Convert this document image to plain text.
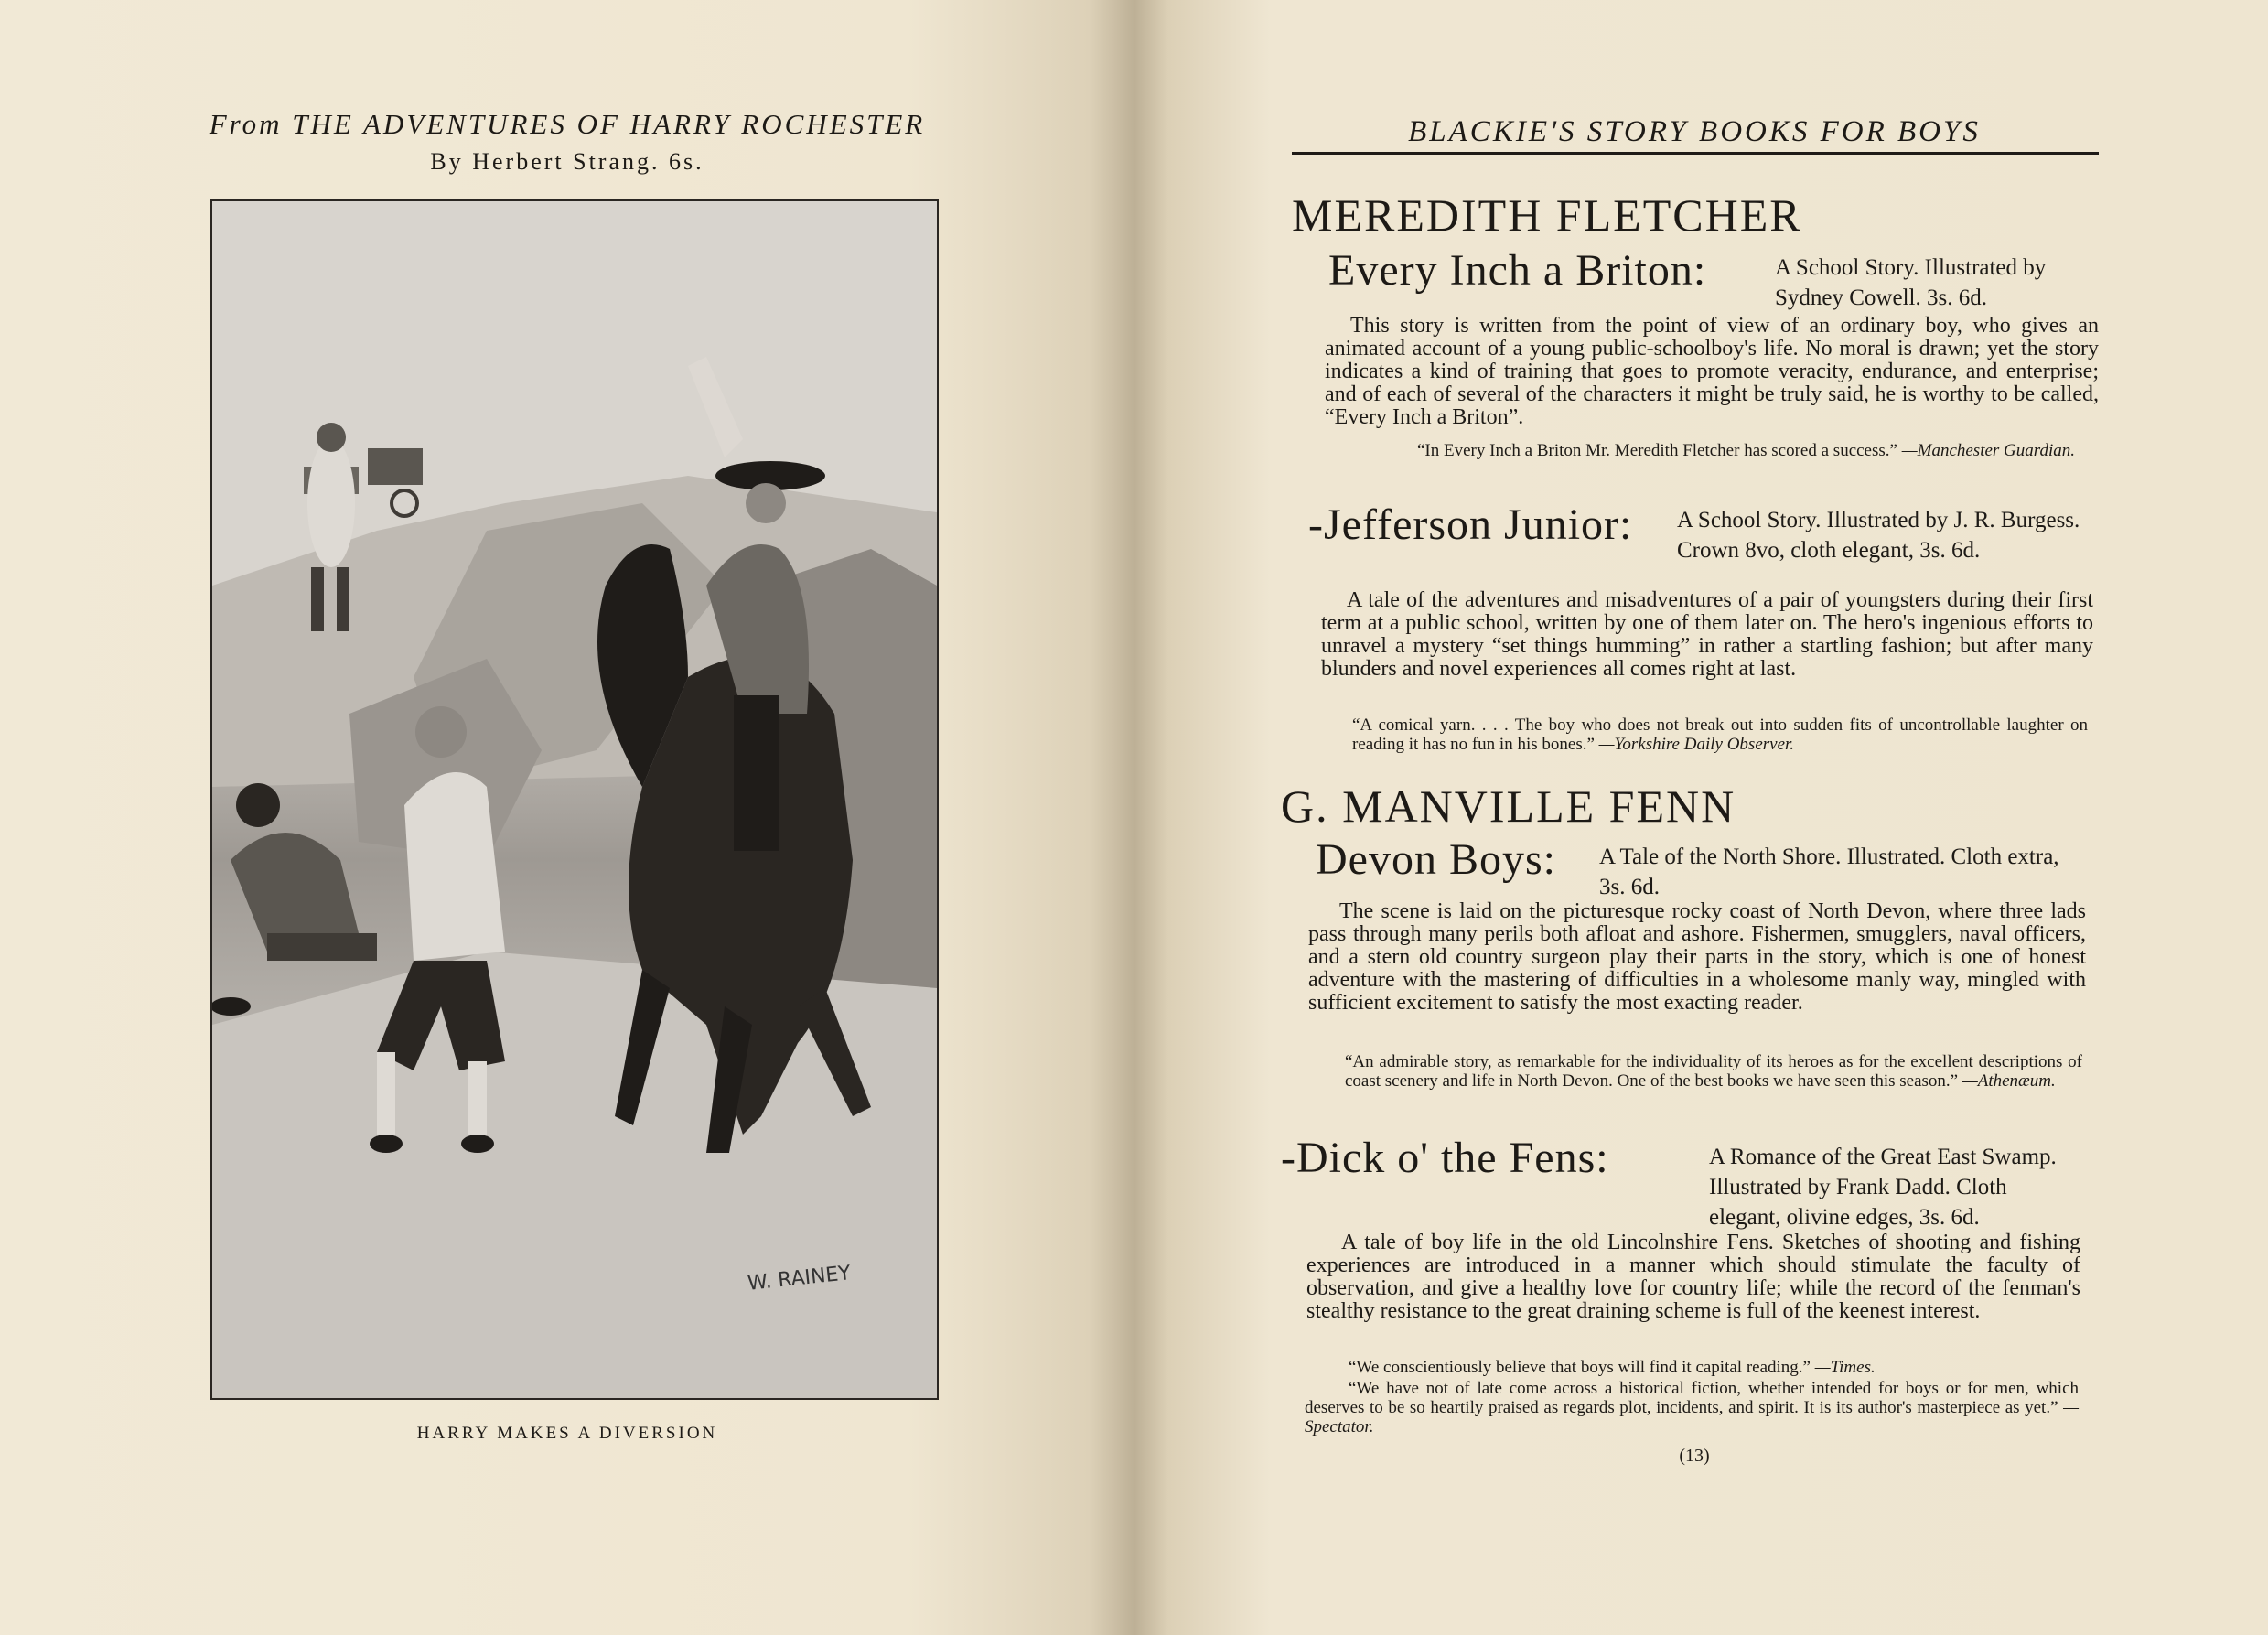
From THE ADVENTURES OF HARRY ROCHESTER
By Herbert Strang. 6s.
W. RAINEY
HARRY MAKES A DIVERSION
BLACKIE'S STORY BOOKS FOR BOYS
MEREDITH FLETCHER
Every Inch a Briton:	A School Story. Illustrated by Sydney Cowell. 3s. 6d.
This story is written from the point of view of an ordinary boy, who gives an animated account of a young public-schoolboy's life. No moral is drawn; yet the story indicates a kind of training that goes to promote veracity, endurance, and enterprise; and of each of several of the characters it might be truly said, he is worthy to be called, “Every Inch a Briton”.
“In Every Inch a Briton Mr. Meredith Fletcher has scored a success.” —Manchester Guardian.
-Jefferson Junior: A School Story. Illustrated by J. R. Burgess. Crown 8vo, cloth elegant, 3s. 6d.
A tale of the adventures and misadventures of a pair of youngsters during their first term at a public school, written by one of them later on. The hero's ingenious efforts to unravel a mystery “set things humming” in rather a startling fashion; but after many blunders and novel experiences all comes right at last.
“A comical yarn. . . . The boy who does not break out into sudden fits of uncontrollable laughter on reading it has no fun in his bones.” —Yorkshire Daily Observer.
G. MANVILLE FENN
Devon Boys: A Tale of the North Shore. Illustrated. Cloth extra, 3s. 6d.
The scene is laid on the picturesque rocky coast of North Devon, where three lads pass through many perils both afloat and ashore. Fishermen, smugglers, naval officers, and a stern old country surgeon play their parts in the story, which is one of honest adventure with the mastering of difficulties in a wholesome manly way, mingled with sufficient excitement to satisfy the most exacting reader.
“An admirable story, as remarkable for the individuality of its heroes as for the excellent descriptions of coast scenery and life in North Devon. One of the best books we have seen this season.” —Athenæum.
-Dick o' the Fens:	A Romance of the Great East Swamp. Illustrated by Frank Dadd. Cloth elegant, olivine edges, 3s. 6d.
A tale of boy life in the old Lincolnshire Fens. Sketches of shooting and fishing experiences are introduced in a manner which should stimulate the faculty of observation, and give a healthy love for country life; while the record of the fenman's stealthy resistance to the great draining scheme is full of the keenest interest.
“We conscientiously believe that boys will find it capital reading.” —Times.
“We have not of late come across a historical fiction, whether intended for boys or for men, which deserves to be so heartily praised as regards plot, incidents, and spirit. It is its author's masterpiece as yet.” —Spectator.
(13)
